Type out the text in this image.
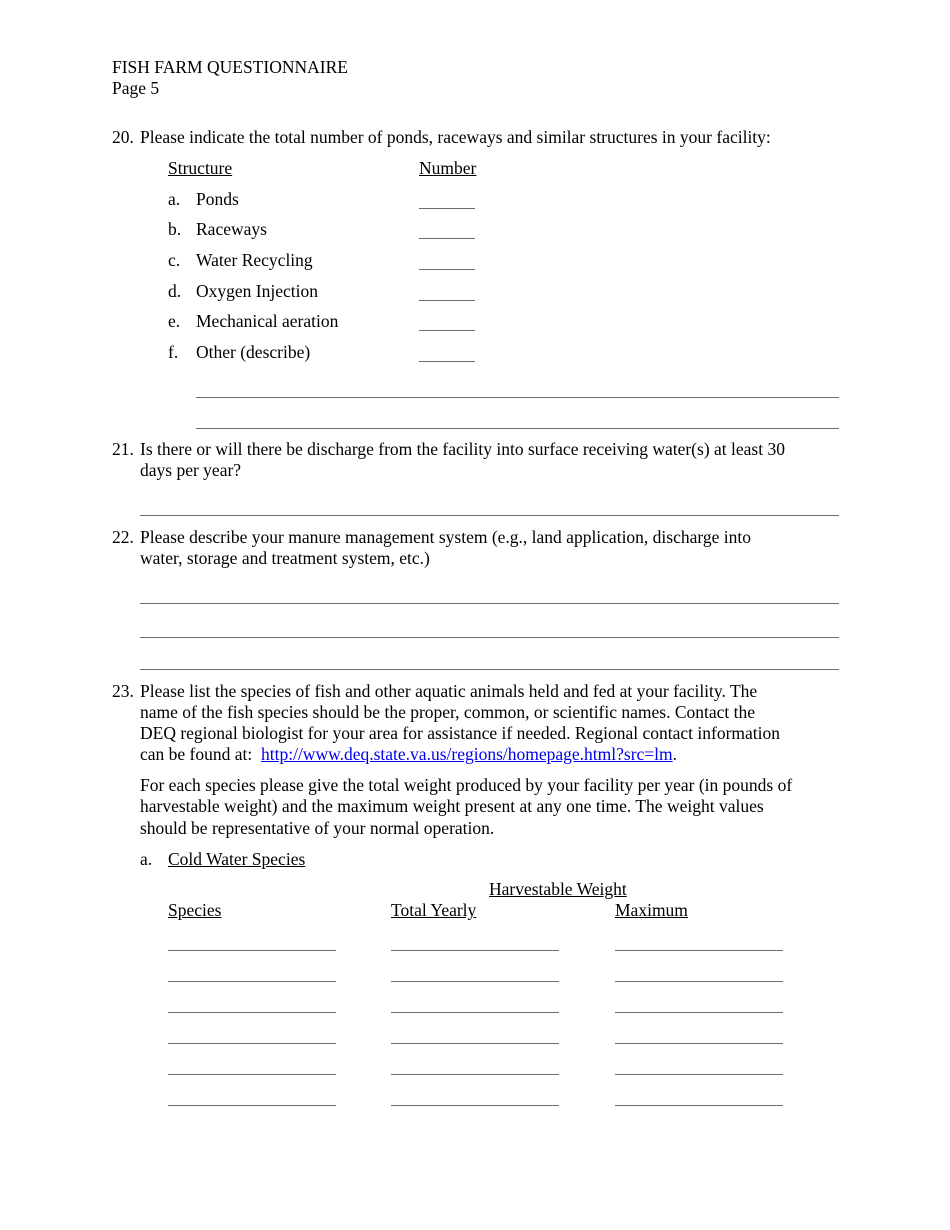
FISH FARM QUESTIONNAIRE
Page 5
20. Please indicate the total number of ponds, raceways and similar structures in your facility:
Structure	Number
a. Ponds
b. Raceways
c. Water Recycling
d. Oxygen Injection
e. Mechanical aeration
f. Other (describe)
21. Is there or will there be discharge from the facility into surface receiving water(s) at least 30
days per year?
22. Please describe your manure management system (e.g., land application, discharge into
water, storage and treatment system, etc.)
23. Please list the species of fish and other aquatic animals held and fed at your facility. The
name of the fish species should be the proper, common, or scientific names. Contact the
DEQ regional biologist for your area for assistance if needed. Regional contact information
can be found at: http://www.deq.state.va.us/regions/homepage.html?src=lm.
For each species please give the total weight produced by your facility per year (in pounds of
harvestable weight) and the maximum weight present at any one time. The weight values
should be representative of your normal operation.
a. Cold Water Species
Harvestable Weight
Species	Total Yearly	Maximum
